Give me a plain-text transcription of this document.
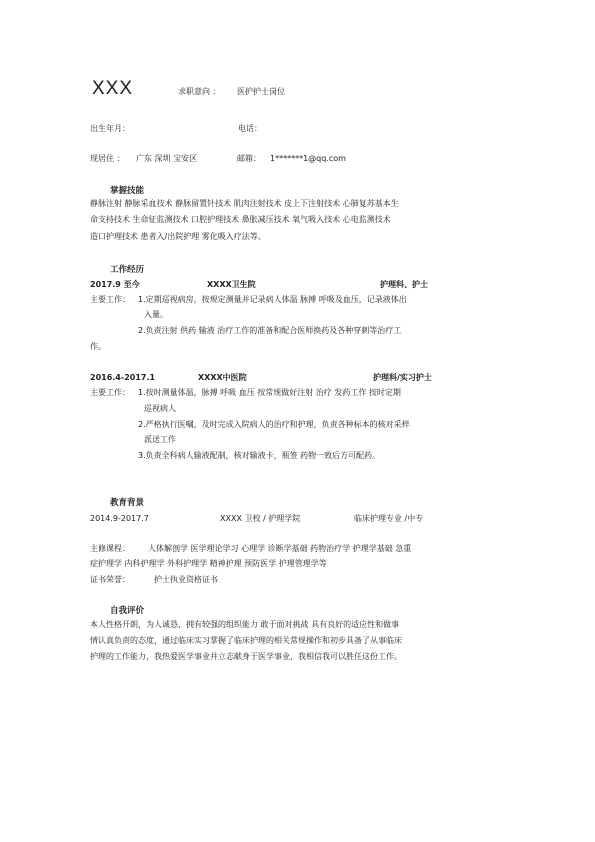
XXX	求职意向 ： 医护护士岗位
出生年月：	电话：
现居住 ： 广东 深圳 宝安区	邮箱： 1*******1@qq.com
掌握技能
静脉注射 静脉采血技术 静脉留置针技术 肌肉注射技术 皮上下注射技术 心肺复苏基本生
命支持技术 生命征监测技术 口腔护理技术 鼻胀减压技术 氧气吸入技术 心电监测技术
造口护理技术 患者入/出院护理 雾化吸入疗法等。
工作经历
2017.9 至今	XXXX卫生院	护理科、护士
主要工作： 1.定期巡视病房，按规定测量并记录病人体温 脉搏 呼吸及血压，记录液体出
入量。
2.负责注射 供药 输液 治疗工作的准备和配合医师换药及各种穿刺等治疗工
作。
2016.4-2017.1	XXXX中医院	护理科/实习护士
主要工作： 1.按时测量体温，脉搏 呼吸 血压 按常规做好注射 治疗 发药工作 按时定期
巡视病人
2.严格执行医嘱，及时完成入院病人的治疗和护理，负责各种标本的核对采样
派送工作
3.负责全科病人输液配制，核对输液卡，瓶签 药物一致后方可配药。
教育背景
2014.9-2017.7	XXXX 卫校 / 护理学院	临床护理专业 /中专
主修课程： 人体解剖学 医学理论学习 心理学 诊断学基础 药物治疗学 护理学基础 急重
症护理学 内科护理学 外科护理学 精神护理 预防医学 护理管理学等
证书荣誉：	护士执业资格证书
自我评价
本人性格开朗，为人诚恳，拥有较强的组织能力 敢于面对挑战 具有良好的适应性和做事
情认真负责的态度，通过临床实习掌握了临床护理的相关常规操作和初步具备了从事临床
护理的工作能力，我热爱医学事业并立志献身于医学事业，我相信我可以胜任这份工作。
